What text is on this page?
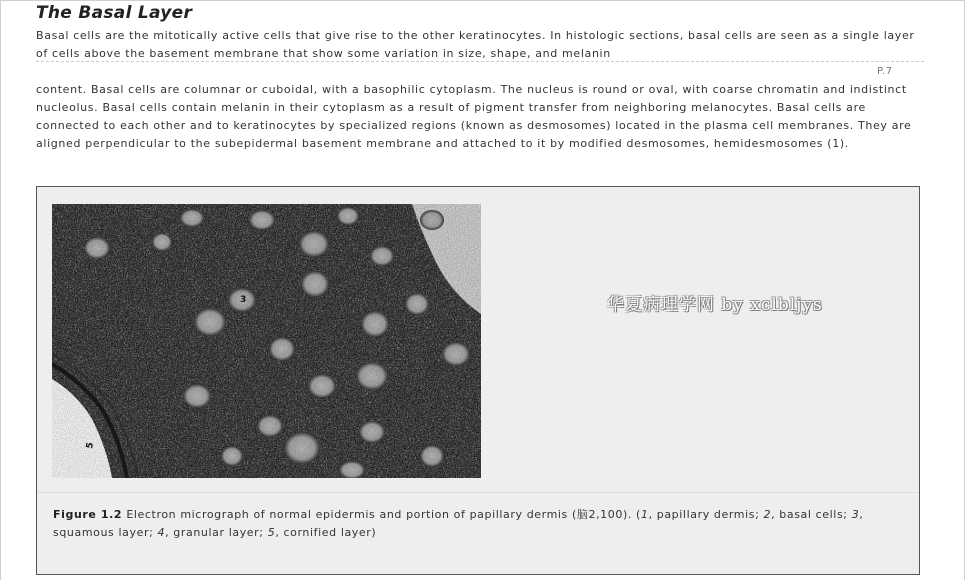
The Basal Layer

Basal cells are the mitotically active cells that give rise to the other keratinocytes. In histologic sections, basal cells are seen as a single layer of cells above the basement membrane that show some variation in size, shape, and melanin

P.7

content. Basal cells are columnar or cuboidal, with a basophilic cytoplasm. The nucleus is round or oval, with coarse chromatin and indistinct nucleolus. Basal cells contain melanin in their cytoplasm as a result of pigment transfer from neighboring melanocytes. Basal cells are connected to each other and to keratinocytes by specialized regions (known as desmosomes) located in the plasma cell membranes. They are aligned perpendicular to the subepidermal basement membrane and attached to it by modified desmosomes, hemidesmosomes (1).

3
5
华夏病理学网 by xclbljys

Figure 1.2 Electron micrograph of normal epidermis and portion of papillary dermis (脑2,100). (1, papillary dermis; 2, basal cells; 3, squamous layer; 4, granular layer; 5, cornified layer)
